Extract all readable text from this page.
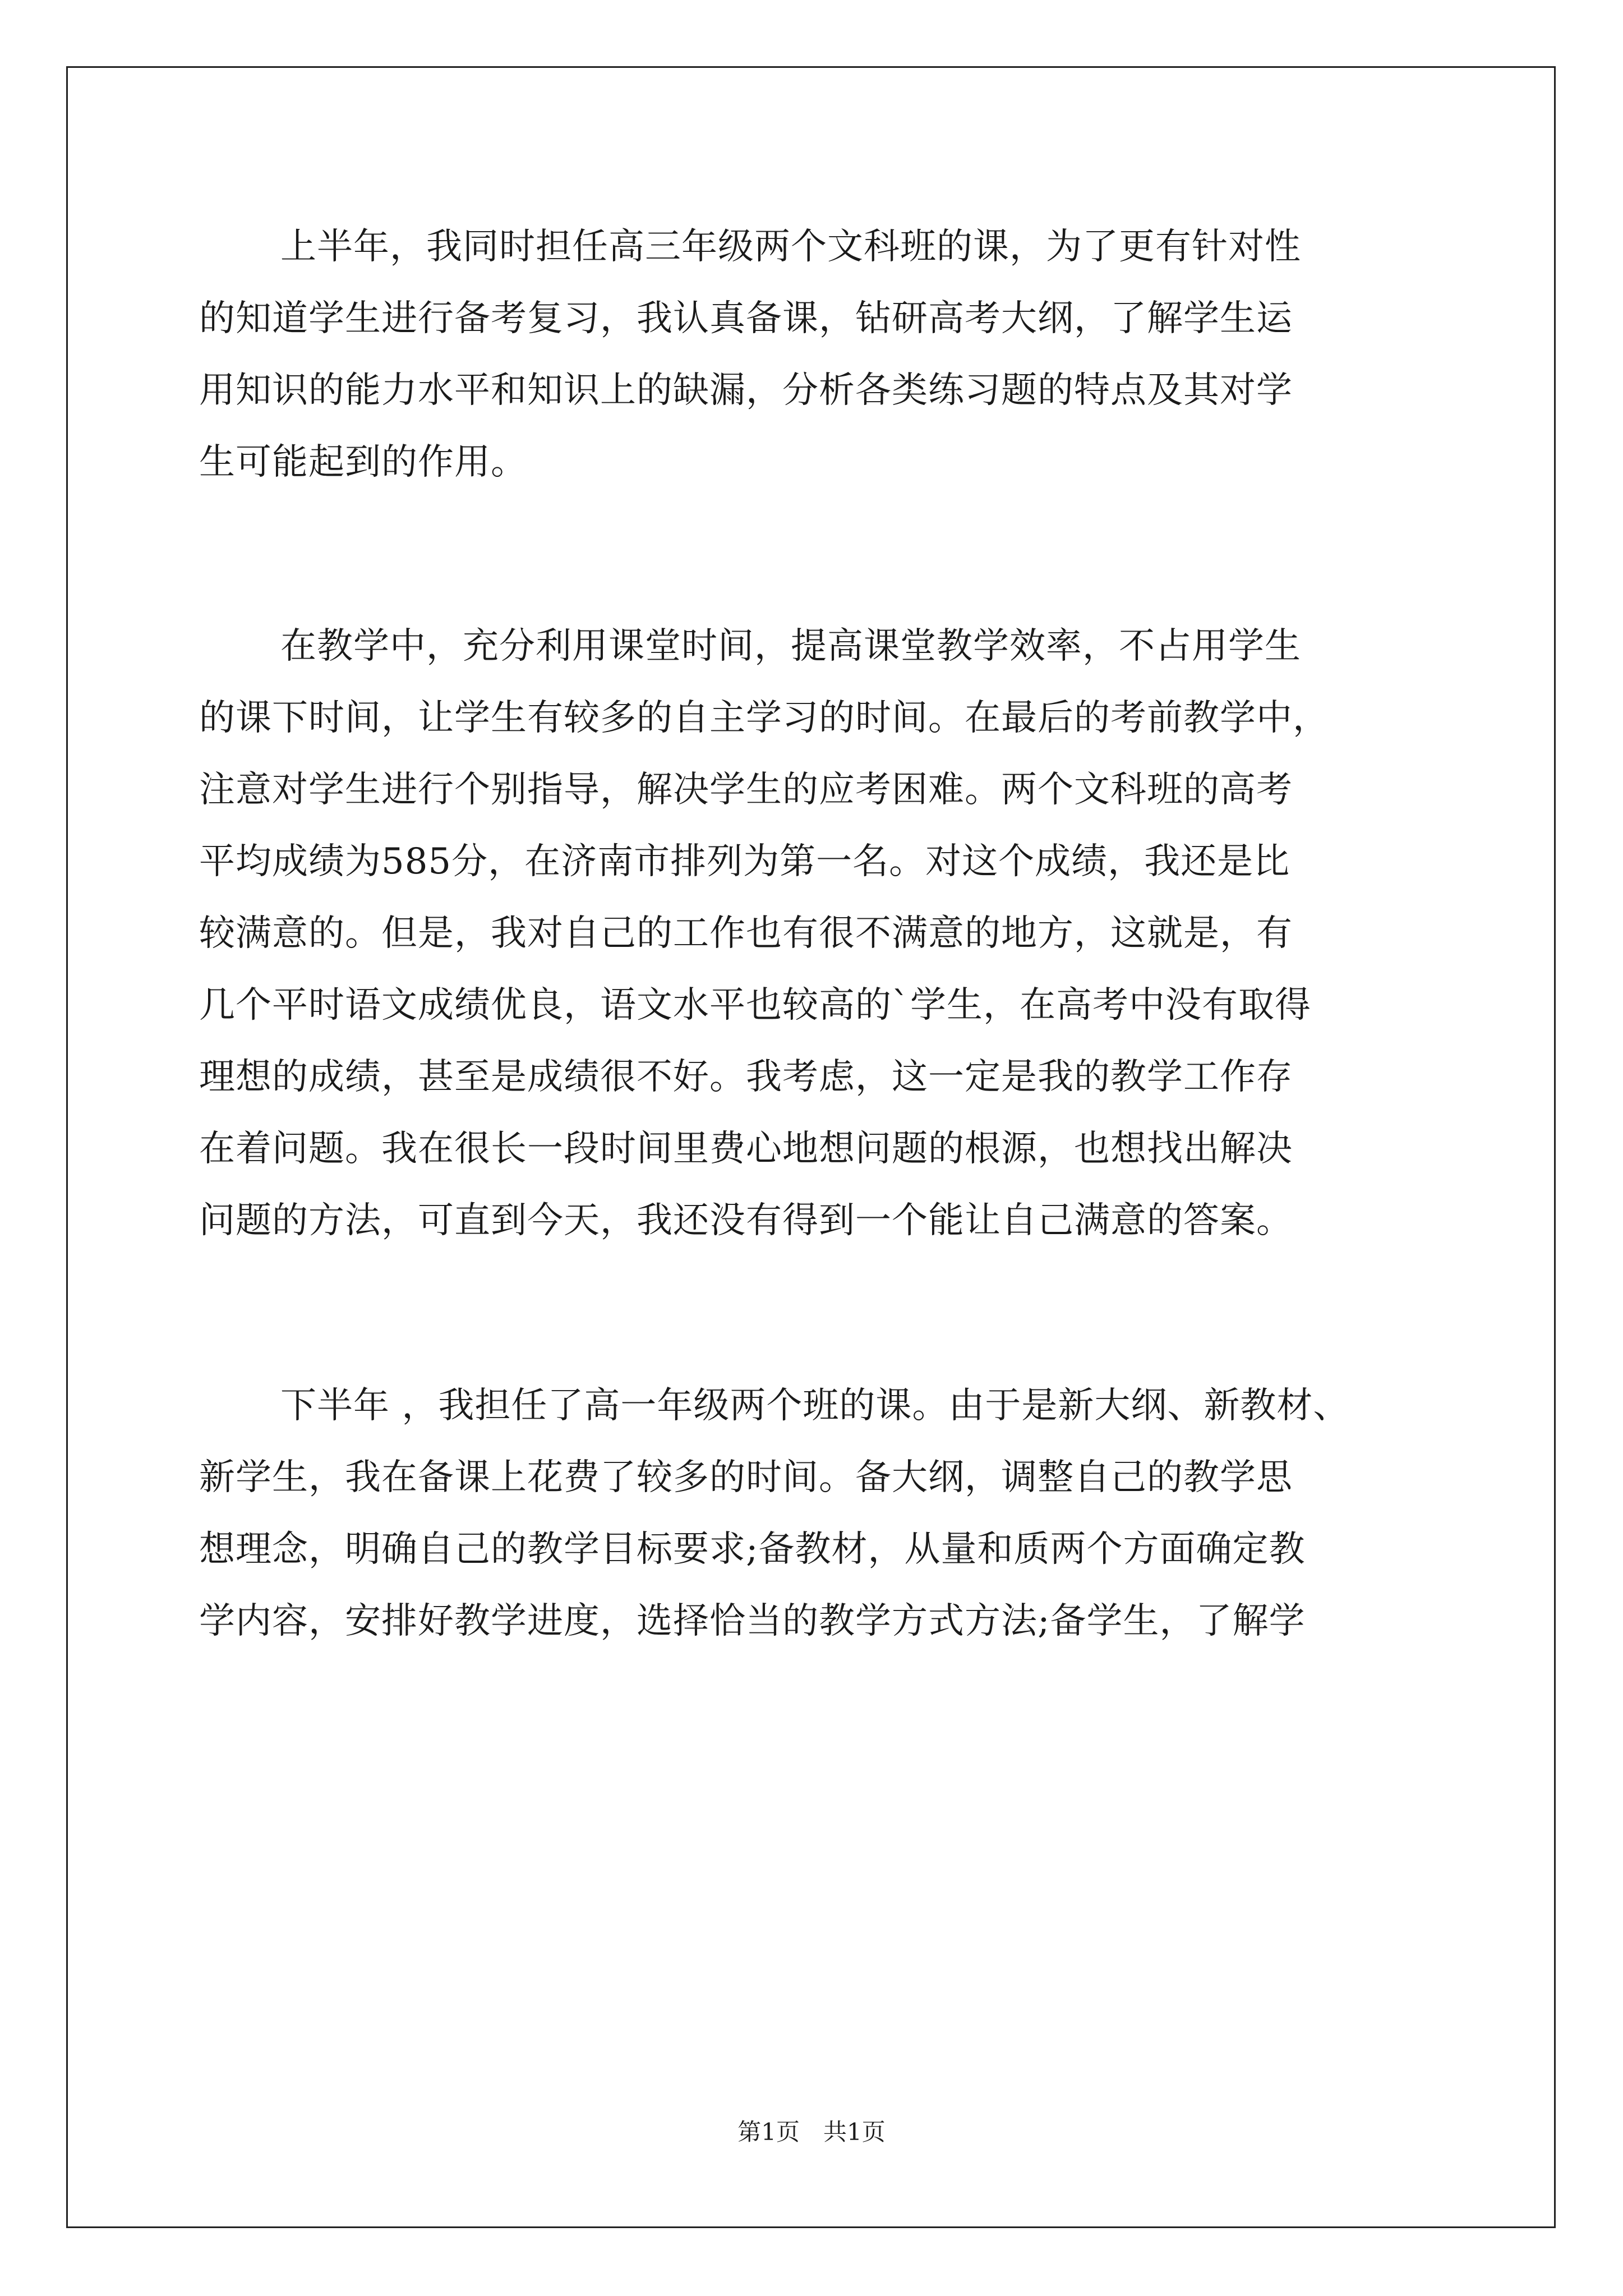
上半年，我同时担任高三年级两个文科班的课，为了更有针对性
的知道学生进行备考复习，我认真备课，钻研高考大纲，了解学生运
用知识的能力水平和知识上的缺漏，分析各类练习题的特点及其对学
生可能起到的作用。
在教学中，充分利用课堂时间，提高课堂教学效率，不占用学生
的课下时间，让学生有较多的自主学习的时间。在最后的考前教学中，
注意对学生进行个别指导，解决学生的应考困难。两个文科班的高考
平均成绩为585分，在济南市排列为第一名。对这个成绩，我还是比
较满意的。但是，我对自己的工作也有很不满意的地方，这就是，有
几个平时语文成绩优良，语文水平也较高的`学生，在高考中没有取得
理想的成绩，甚至是成绩很不好。我考虑，这一定是我的教学工作存
在着问题。我在很长一段时间里费心地想问题的根源，也想找出解决
问题的方法，可直到今天，我还没有得到一个能让自己满意的答案。
下半年 ，我担任了高一年级两个班的课。由于是新大纲、新教材、
新学生，我在备课上花费了较多的时间。备大纲，调整自己的教学思
想理念，明确自己的教学目标要求;备教材，从量和质两个方面确定教
学内容，安排好教学进度，选择恰当的教学方式方法;备学生，了解学
第1页　共1页
